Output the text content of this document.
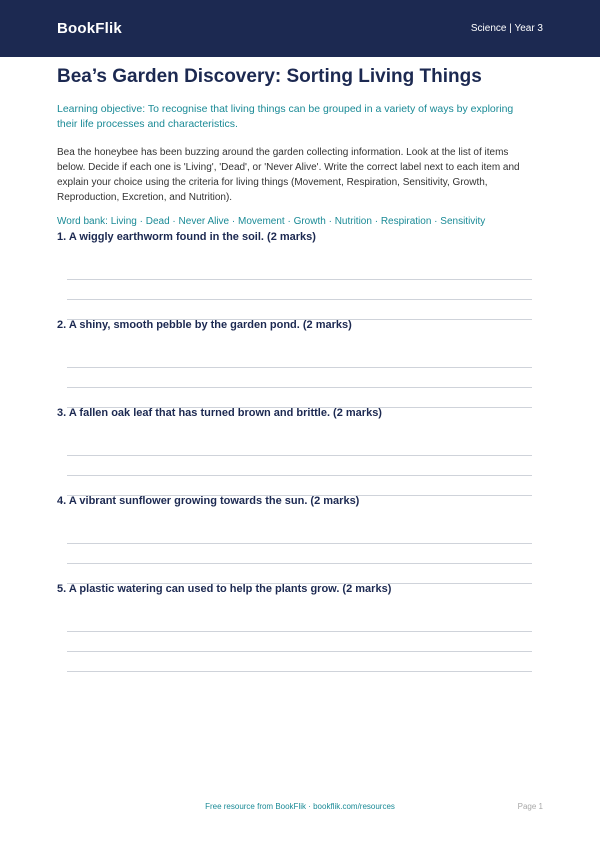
BookFlik	Science | Year 3
Bea’s Garden Discovery: Sorting Living Things

Learning objective: To recognise that living things can be grouped in a variety of ways by exploring their life processes and characteristics.

Bea the honeybee has been buzzing around the garden collecting information. Look at the list of items below. Decide if each one is 'Living', 'Dead', or 'Never Alive'. Write the correct label next to each item and explain your choice using the criteria for living things (Movement, Respiration, Sensitivity, Growth, Reproduction, Excretion, and Nutrition).

Word bank: Living · Dead · Never Alive · Movement · Growth · Nutrition · Respiration · Sensitivity

1. A wiggly earthworm found in the soil. (2 marks)
2. A shiny, smooth pebble by the garden pond. (2 marks)
3. A fallen oak leaf that has turned brown and brittle. (2 marks)
4. A vibrant sunflower growing towards the sun. (2 marks)
5. A plastic watering can used to help the plants grow. (2 marks)
Free resource from BookFlik · bookflik.com/resources	Page 1
